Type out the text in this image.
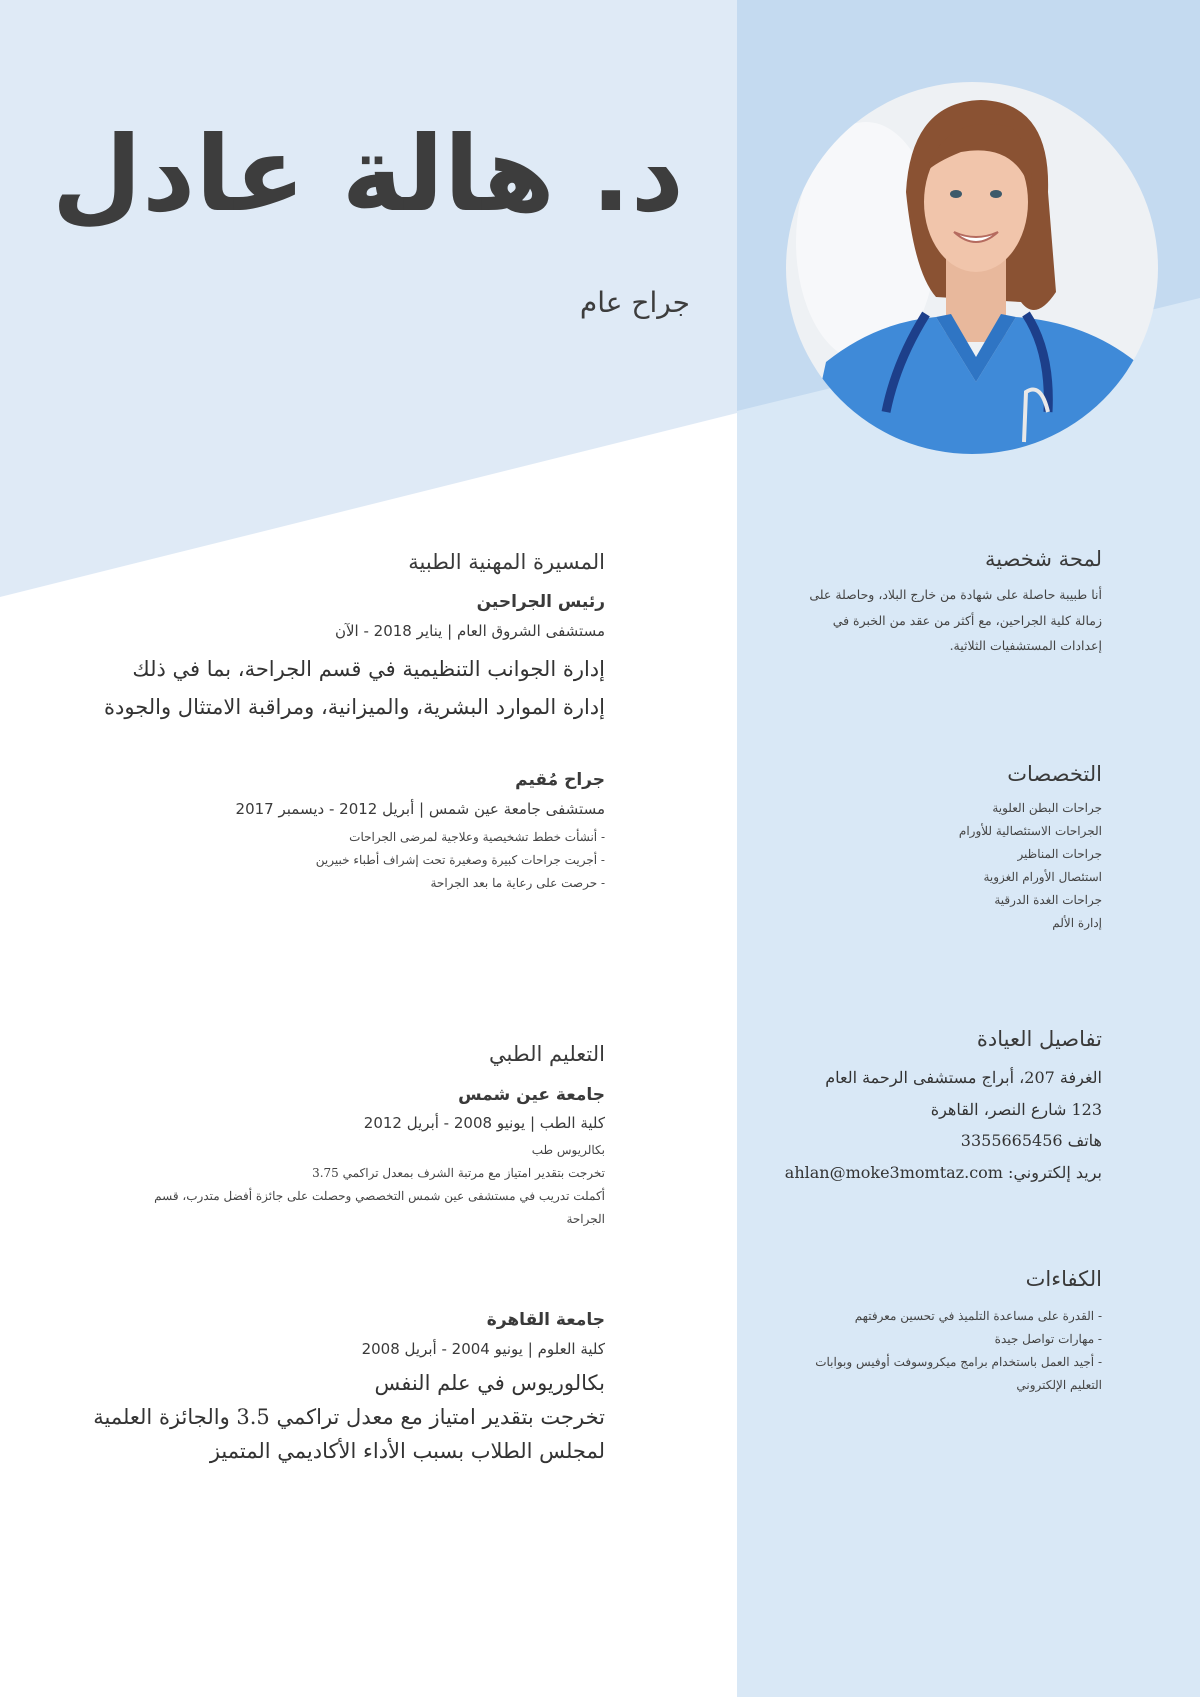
د. هالة عادل
جراح عام
المسيرة المهنية الطبية
رئيس الجراحين
مستشفى الشروق العام | يناير 2018 - الآن
إدارة الجوانب التنظيمية في قسم الجراحة، بما في ذلك
إدارة الموارد البشرية، والميزانية، ومراقبة الامتثال والجودة
جراح مُقيم
مستشفى جامعة عين شمس | أبريل 2012 - ديسمبر 2017
- أنشأت خطط تشخيصية وعلاجية لمرضى الجراحات
- أجريت جراحات كبيرة وصغيرة تحت إشراف أطباء خبيرين
- حرصت على رعاية ما بعد الجراحة
التعليم الطبي
جامعة عين شمس
كلية الطب | يونيو 2008 - أبريل 2012
بكالريوس طب
تخرجت بتقدير امتياز مع مرتبة الشرف بمعدل تراكمي 3.75
أكملت تدريب في مستشفى عين شمس التخصصي وحصلت على جائزة أفضل متدرب، قسم
الجراحة
جامعة القاهرة
كلية العلوم | يونيو 2004 - أبريل 2008
بكالوريوس في علم النفس
تخرجت بتقدير امتياز مع معدل تراكمي 3.5 والجائزة العلمية
لمجلس الطلاب بسبب الأداء الأكاديمي المتميز
لمحة شخصية
أنا طبيبة حاصلة على شهادة من خارج البلاد، وحاصلة على
زمالة كلية الجراحين، مع أكثر من عقد من الخبرة في
إعدادات المستشفيات الثلاثية.
التخصصات
جراحات البطن العلوية
الجراحات الاستئصالية للأورام
جراحات المناظير
استئصال الأورام الغزوية
جراحات الغدة الدرقية
إدارة الألم
تفاصيل العيادة
الغرفة 207، أبراج مستشفى الرحمة العام
123 شارع النصر، القاهرة
هاتف 3355665456
بريد إلكتروني: ahlan@moke3momtaz.com
الكفاءات
- القدرة على مساعدة التلميذ في تحسين معرفتهم
- مهارات تواصل جيدة
- أجيد العمل باستخدام برامج ميكروسوفت أوفيس وبوابات
التعليم الإلكتروني
